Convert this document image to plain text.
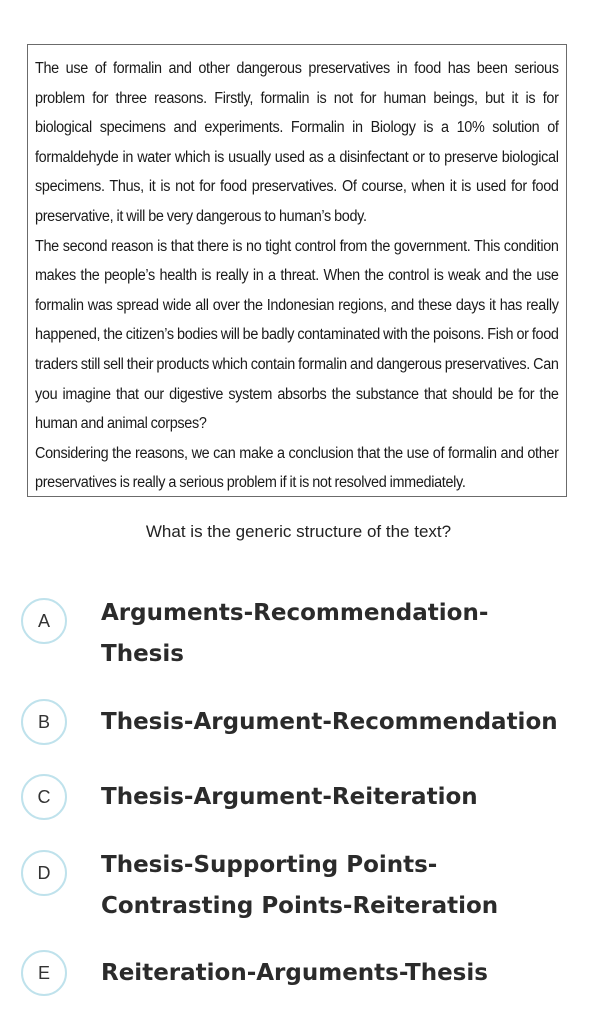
The use of formalin and other dangerous preservatives in food has been serious problem for three reasons. Firstly, formalin is not for human beings, but it is for biological specimens and experiments. Formalin in Biology is a 10% solution of formaldehyde in water which is usually used as a disinfectant or to preserve biological specimens. Thus, it is not for food preservatives. Of course, when it is used for food preservative, it will be very dangerous to human’s body.

The second reason is that there is no tight control from the government. This condition makes the people’s health is really in a threat. When the control is weak and the use formalin was spread wide all over the Indonesian regions, and these days it has really happened, the citizen’s bodies will be badly contaminated with the poisons. Fish or food traders still sell their products which contain formalin and dangerous preservatives. Can you imagine that our digestive system absorbs the substance that should be for the human and animal corpses?

Considering the reasons, we can make a conclusion that the use of formalin and other preservatives is really a serious problem if it is not resolved immediately.

What is the generic structure of the text?
A	Arguments-Recommendation-
Thesis
B	Thesis-Argument-Recommendation
C	Thesis-Argument-Reiteration
D	Thesis-Supporting Points-
Contrasting Points-Reiteration
E	Reiteration-Arguments-Thesis
